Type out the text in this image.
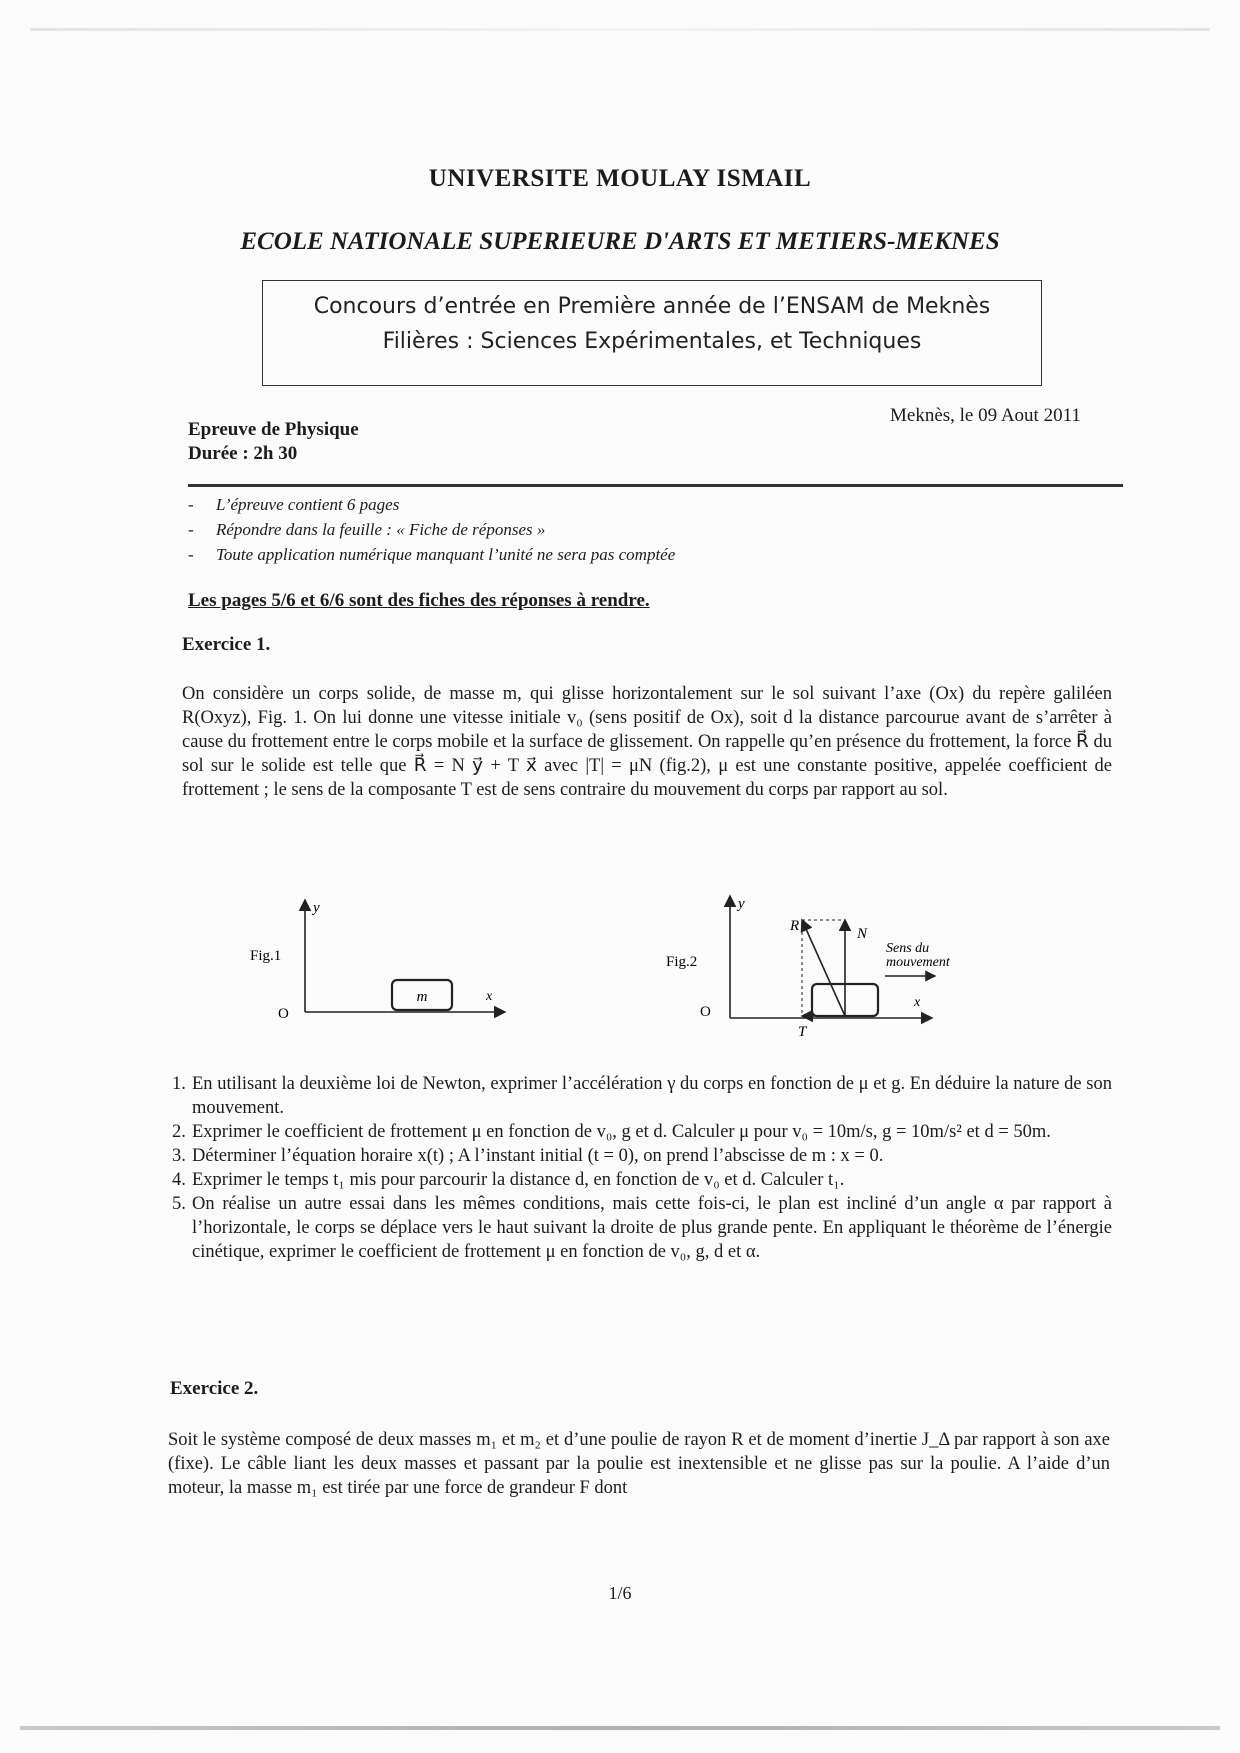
UNIVERSITE MOULAY ISMAIL
ECOLE NATIONALE SUPERIEURE D'ARTS ET METIERS-MEKNES
Concours d’entrée en Première année de l’ENSAM de Meknès
Filières : Sciences Expérimentales, et Techniques
Epreuve de Physique
Durée : 2h 30
Meknès, le 09 Aout 2011
- L’épreuve contient 6 pages
- Répondre dans la feuille : « Fiche de réponses »
- Toute application numérique manquant l’unité ne sera pas comptée
Les pages 5/6 et 6/6 sont des fiches des réponses à rendre.
Exercice 1.
On considère un corps solide, de masse m, qui glisse horizontalement sur le sol suivant l’axe (Ox) du repère galiléen R(Oxyz), Fig. 1. On lui donne une vitesse initiale v₀ (sens positif de Ox), soit d la distance parcourue avant de s’arrêter à cause du frottement entre le corps mobile et la surface de glissement. On rappelle qu’en présence du frottement, la force R⃗ du sol sur le solide est telle que R⃗ = N y⃗ + T x⃗ avec |T| = μN (fig.2), μ est une constante positive, appelée coefficient de frottement ; le sens de la composante T est de sens contraire du mouvement du corps par rapport au sol.
m
y
x
O
Fig.1
R⃗	N
T
y
x
O
Fig.2
Sens du
mouvement
1. En utilisant la deuxième loi de Newton, exprimer l’accélération γ du corps en fonction de μ et g. En déduire la nature de son mouvement.
2. Exprimer le coefficient de frottement μ en fonction de v₀, g et d. Calculer μ pour v₀ = 10m/s, g = 10m/s² et d = 50m.
3. Déterminer l’équation horaire x(t) ; A l’instant initial (t = 0), on prend l’abscisse de m : x = 0.
4. Exprimer le temps t₁ mis pour parcourir la distance d, en fonction de v₀ et d. Calculer t₁.
5. On réalise un autre essai dans les mêmes conditions, mais cette fois-ci, le plan est incliné d’un angle α par rapport à l’horizontale, le corps se déplace vers le haut suivant la droite de plus grande pente. En appliquant le théorème de l’énergie cinétique, exprimer le coefficient de frottement μ en fonction de v₀, g, d et α.
Exercice 2.
Soit le système composé de deux masses m₁ et m₂ et d’une poulie de rayon R et de moment d’inertie J_Δ par rapport à son axe (fixe). Le câble liant les deux masses et passant par la poulie est inextensible et ne glisse pas sur la poulie. A l’aide d’un moteur, la masse m₁ est tirée par une force de grandeur F dont
1/6
